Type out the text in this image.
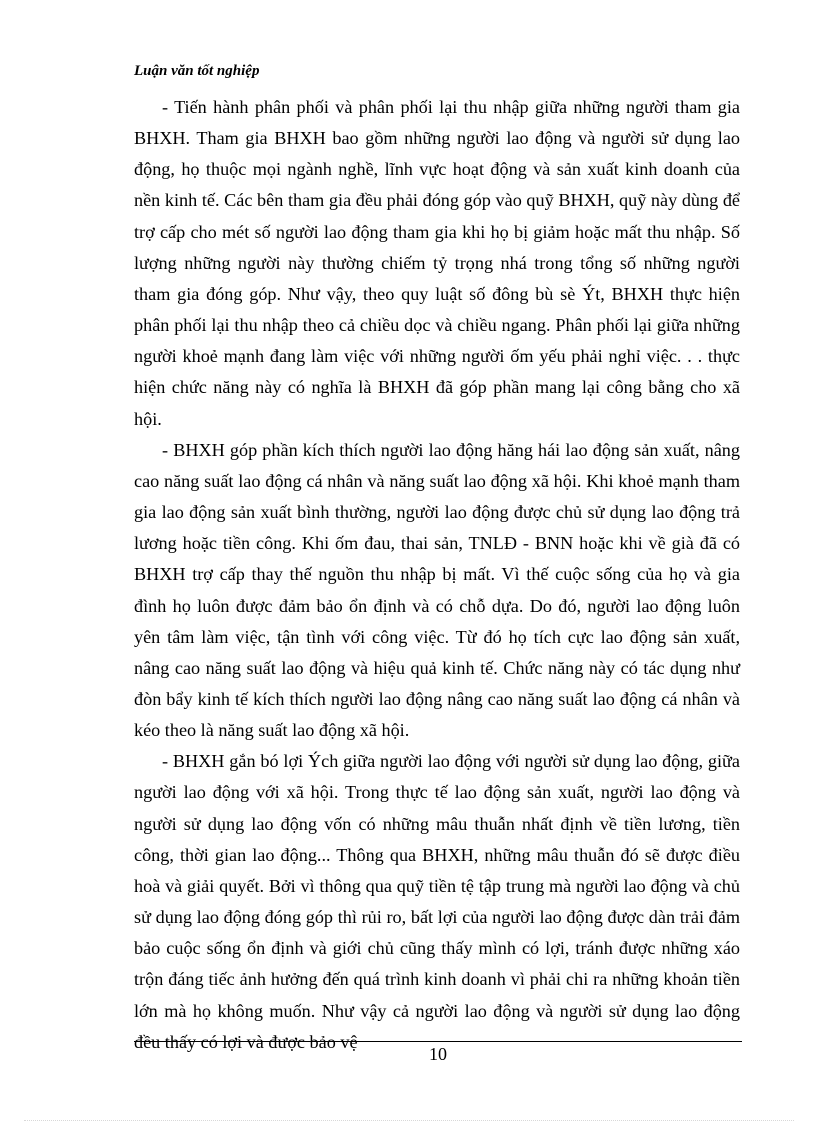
Luận văn tốt nghiệp

- Tiến hành phân phối và phân phối lại thu nhập giữa những người tham gia BHXH. Tham gia BHXH bao gồm những người lao động và người sử dụng lao động, họ thuộc mọi ngành nghề, lĩnh vực hoạt động và sản xuất kinh doanh của nền kinh tế. Các bên tham gia đều phải đóng góp vào quỹ BHXH, quỹ này dùng để trợ cấp cho mét số người lao động tham gia khi họ bị giảm hoặc mất thu nhập. Số lượng những người này thường chiếm tỷ trọng nhá trong tổng số những người tham gia đóng góp. Như vậy, theo quy luật số đông bù sè Ýt, BHXH thực hiện phân phối lại thu nhập theo cả chiều dọc và chiều ngang. Phân phối lại giữa những người khoẻ mạnh đang làm việc với những người ốm yếu phải nghỉ việc. . . thực hiện chức năng này có nghĩa là BHXH đã góp phần mang lại công bằng cho xã hội.

- BHXH góp phần kích thích người lao động hăng hái lao động sản xuất, nâng cao năng suất lao động cá nhân và năng suất lao động xã hội. Khi khoẻ mạnh tham gia lao động sản xuất bình thường, người lao động được chủ sử dụng lao động trả lương hoặc tiền công. Khi ốm đau, thai sản, TNLĐ - BNN hoặc khi về già đã có BHXH trợ cấp thay thế nguồn thu nhập bị mất. Vì thế cuộc sống của họ và gia đình họ luôn được đảm bảo ổn định và có chỗ dựa. Do đó, người lao động luôn yên tâm làm việc, tận tình với công việc. Từ đó họ tích cực lao động sản xuất, nâng cao năng suất lao động và hiệu quả kinh tế. Chức năng này có tác dụng như đòn bẩy kinh tế kích thích người lao động nâng cao năng suất lao động cá nhân và kéo theo là năng suất lao động xã hội.

- BHXH gắn bó lợi Ých giữa người lao động với người sử dụng lao động, giữa người lao động với xã hội. Trong thực tế lao động sản xuất, người lao động và người sử dụng lao động vốn có những mâu thuẫn nhất định về tiền lương, tiền công, thời gian lao động... Thông qua BHXH, những mâu thuẫn đó sẽ được điều hoà và giải quyết. Bởi vì thông qua quỹ tiền tệ tập trung mà người lao động và chủ sử dụng lao động đóng góp thì rủi ro, bất lợi của người lao động được dàn trải đảm bảo cuộc sống ổn định và giới chủ cũng thấy mình có lợi, tránh được những xáo trộn đáng tiếc ảnh hưởng đến quá trình kinh doanh vì phải chi ra những khoản tiền lớn mà họ không muốn. Như vậy cả người lao động và người sử dụng lao động đều thấy có lợi và được bảo vệ

10
